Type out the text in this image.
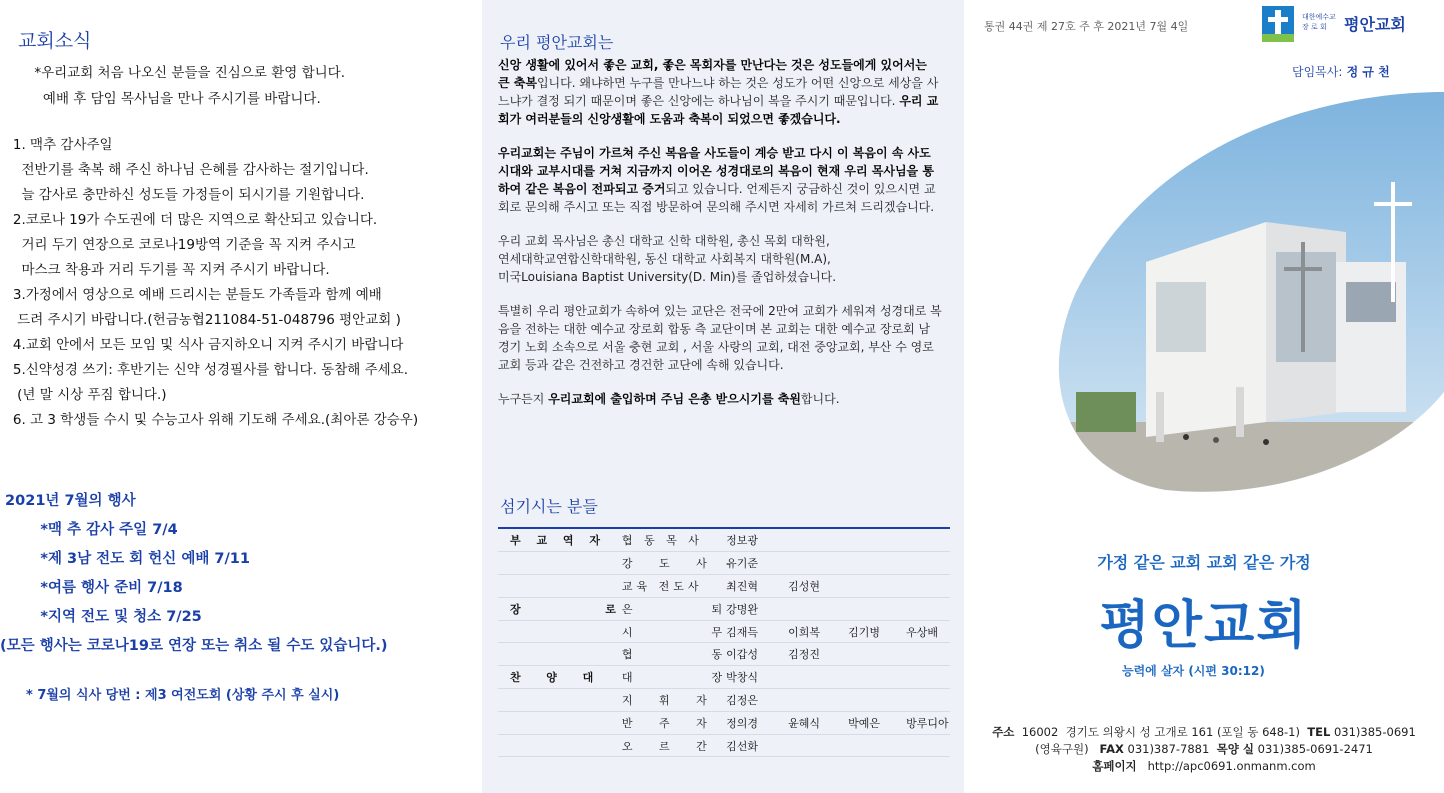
교회소식
*우리교회 처음 나오신 분들을 진심으로 환영 합니다.
예배 후 담임 목사님을 만나 주시기를 바랍니다.
1. 맥추 감사주일
전반기를 축복 해 주신 하나님 은혜를 감사하는 절기입니다.
늘 감사로 충만하신 성도들 가정들이 되시기를 기원합니다.
2.코로나 19가 수도권에 더 많은 지역으로 확산되고 있습니다.
거리 두기 연장으로 코로나19방역 기준을 꼭 지켜 주시고
마스크 착용과 거리 두기를 꼭 지켜 주시기 바랍니다.
3.가정에서 영상으로 예배 드리시는 분들도 가족들과 함께 예배
드려 주시기 바랍니다.(헌금농협211084-51-048796 평안교회 )
4.교회 안에서 모든 모임 및 식사 금지하오니 지켜 주시기 바랍니다
5.신약성경 쓰기: 후반기는 신약 성경필사를 합니다. 동참해 주세요.
(년 말 시상 푸짐 합니다.)
6. 고 3 학생들 수시 및 수능고사 위해 기도해 주세요.(최아론 강승우)
2021년 7월의 행사
*맥 추 감사 주일 7/4
*제 3남 전도 회 헌신 예배 7/11
*여름 행사 준비 7/18
*지역 전도 및 청소 7/25
(모든 행사는 코로나19로 연장 또는 취소 될 수도 있습니다.)
* 7월의 식사 당번 : 제3 여전도회 (상황 주시 후 실시)
우리 평안교회는

신앙 생활에 있어서 좋은 교회, 좋은 목회자를 만난다는 것은 성도들에게 있어서는 큰 축복입니다. 왜냐하면 누구를 만나느냐 하는 것은 성도가 어떤 신앙으로 세상을 사느냐가 결정 되기 때문이며 좋은 신앙에는 하나님이 복을 주시기 때문입니다. 우리 교회가 여러분들의 신앙생활에 도움과 축복이 되었으면 좋겠습니다.

우리교회는 주님이 가르쳐 주신 복음을 사도들이 계승 받고 다시 이 복음이 속 사도시대와 교부시대를 거쳐 지금까지 이어온 성경대로의 복음이 현재 우리 목사님을 통하여 같은 복음이 전파되고 증거되고 있습니다. 언제든지 궁금하신 것이 있으시면 교회로 문의해 주시고 또는 직접 방문하여 문의해 주시면 자세히 가르쳐 드리겠습니다.

우리 교회 목사님은 총신 대학교 신학 대학원, 총신 목회 대학원,
연세대학교연합신학대학원, 동신 대학교 사회복지 대학원(M.A),
미국Louisiana Baptist University(D. Min)를 졸업하셨습니다.

특별히 우리 평안교회가 속하여 있는 교단은 전국에 2만여 교회가 세워져 성경대로 복음을 전하는 대한 예수교 장로회 합동 측 교단이며 본 교회는 대한 예수교 장로회 남 경기 노회 소속으로 서울 충현 교회 , 서울 사랑의 교회, 대전 중앙교회, 부산 수 영로 교회 등과 같은 건전하고 경건한 교단에 속해 있습니다.

누구든지 우리교회에 출입하며 주님 은총 받으시기를 축원합니다.

섬기시는 분들
부 교 역 자	협 동 목 사	정보광			
	강   도   사	유기준			
	교육 전도사	최진혁	김성현		
장        로	은          퇴	강명완			
	시          무	김재득	이희복	김기병	우상배
	협          동	이갑성	김정진		
찬  양  대	대          장	박창식			
	지   휘   자	김정은			
	반   주   자	정의경	윤혜식	박예은	방루디아
	오   르   간	김선화			
통권 44권 제 27호 주 후 2021년 7월 4일
대한예수교 장 로 회	평안교회
담임목사: 정 규 천
가정 같은 교회 교회 같은 가정
평안교회
능력에 살자 (시편 30:12)
주소  16002  경기도 의왕시 성 고개로 161 (포일 동 648-1)  TEL 031)385-0691
(영육구원)   FAX 031)387-7881  목양 실 031)385-0691-2471
홈페이지   http://apc0691.onmanm.com
